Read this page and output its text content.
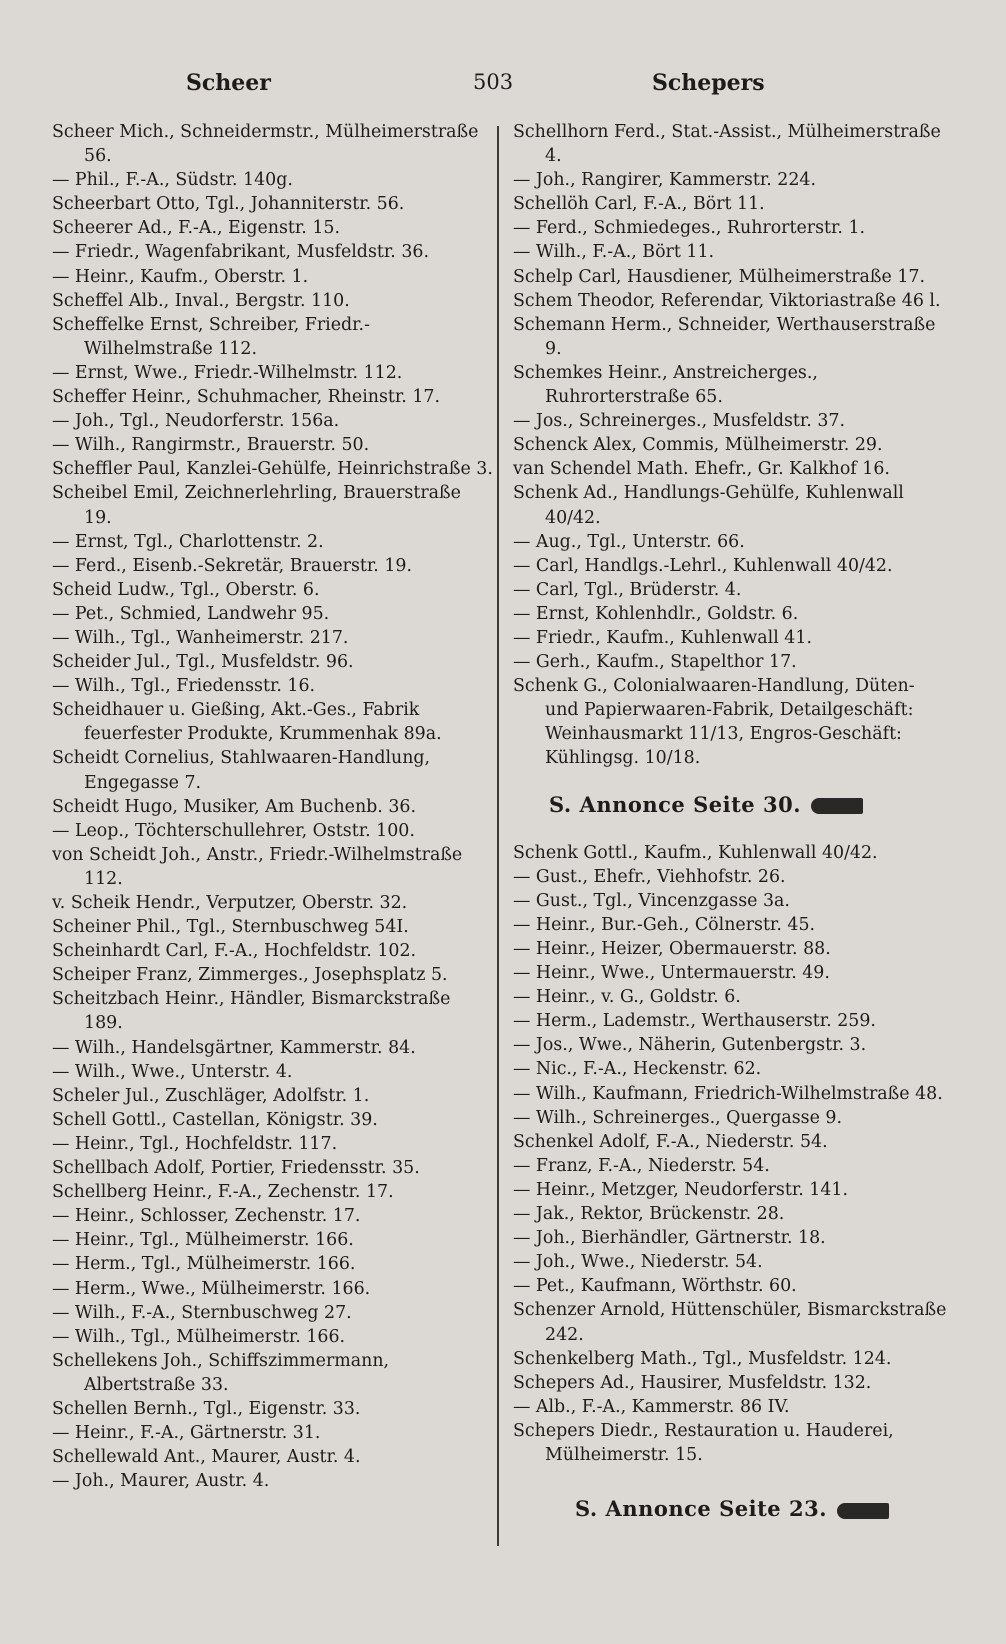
Scheer	503	Schepers

Scheer Mich., Schneidermstr., Mülheimerstraße 56.

— Phil., F.-A., Südstr. 140g.

Scheerbart Otto, Tgl., Johanniterstr. 56.

Scheerer Ad., F.-A., Eigenstr. 15.

— Friedr., Wagenfabrikant, Musfeldstr. 36.

— Heinr., Kaufm., Oberstr. 1.

Scheffel Alb., Inval., Bergstr. 110.

Scheffelke Ernst, Schreiber, Friedr.-Wilhelmstraße 112.

— Ernst, Wwe., Friedr.-Wilhelmstr. 112.

Scheffer Heinr., Schuhmacher, Rheinstr. 17.

— Joh., Tgl., Neudorferstr. 156a.

— Wilh., Rangirmstr., Brauerstr. 50.

Scheffler Paul, Kanzlei-Gehülfe, Heinrichstraße 3.

Scheibel Emil, Zeichnerlehrling, Brauerstraße 19.

— Ernst, Tgl., Charlottenstr. 2.

— Ferd., Eisenb.-Sekretär, Brauerstr. 19.

Scheid Ludw., Tgl., Oberstr. 6.

— Pet., Schmied, Landwehr 95.

— Wilh., Tgl., Wanheimerstr. 217.

Scheider Jul., Tgl., Musfeldstr. 96.

— Wilh., Tgl., Friedensstr. 16.

Scheidhauer u. Gießing, Akt.-Ges., Fabrik feuerfester Produkte, Krummenhak 89a.

Scheidt Cornelius, Stahlwaaren-Handlung, Engegasse 7.

Scheidt Hugo, Musiker, Am Buchenb. 36.

— Leop., Töchterschullehrer, Oststr. 100.

von Scheidt Joh., Anstr., Friedr.-Wilhelmstraße 112.

v. Scheik Hendr., Verputzer, Oberstr. 32.

Scheiner Phil., Tgl., Sternbuschweg 54I.

Scheinhardt Carl, F.-A., Hochfeldstr. 102.

Scheiper Franz, Zimmerges., Josephsplatz 5.

Scheitzbach Heinr., Händler, Bismarckstraße 189.

— Wilh., Handelsgärtner, Kammerstr. 84.

— Wilh., Wwe., Unterstr. 4.

Scheler Jul., Zuschläger, Adolfstr. 1.

Schell Gottl., Castellan, Königstr. 39.

— Heinr., Tgl., Hochfeldstr. 117.

Schellbach Adolf, Portier, Friedensstr. 35.

Schellberg Heinr., F.-A., Zechenstr. 17.

— Heinr., Schlosser, Zechenstr. 17.

— Heinr., Tgl., Mülheimerstr. 166.

— Herm., Tgl., Mülheimerstr. 166.

— Herm., Wwe., Mülheimerstr. 166.

— Wilh., F.-A., Sternbuschweg 27.

— Wilh., Tgl., Mülheimerstr. 166.

Schellekens Joh., Schiffszimmermann, Albertstraße 33.

Schellen Bernh., Tgl., Eigenstr. 33.

— Heinr., F.-A., Gärtnerstr. 31.

Schellewald Ant., Maurer, Austr. 4.

— Joh., Maurer, Austr. 4.

Schellhorn Ferd., Stat.-Assist., Mülheimerstraße 4.

— Joh., Rangirer, Kammerstr. 224.

Schellöh Carl, F.-A., Bört 11.

— Ferd., Schmiedeges., Ruhrorterstr. 1.

— Wilh., F.-A., Bört 11.

Schelp Carl, Hausdiener, Mülheimerstraße 17.

Schem Theodor, Referendar, Viktoriastraße 46 l.

Schemann Herm., Schneider, Werthauserstraße 9.

Schemkes Heinr., Anstreicherges., Ruhrorterstraße 65.

— Jos., Schreinerges., Musfeldstr. 37.

Schenck Alex, Commis, Mülheimerstr. 29.

van Schendel Math. Ehefr., Gr. Kalkhof 16.

Schenk Ad., Handlungs-Gehülfe, Kuhlenwall 40/42.

— Aug., Tgl., Unterstr. 66.

— Carl, Handlgs.-Lehrl., Kuhlenwall 40/42.

— Carl, Tgl., Brüderstr. 4.

— Ernst, Kohlenhdlr., Goldstr. 6.

— Friedr., Kaufm., Kuhlenwall 41.

— Gerh., Kaufm., Stapelthor 17.

Schenk G., Colonialwaaren-Handlung, Düten- und Papierwaaren-Fabrik, Detailgeschäft: Weinhausmarkt 11/13, Engros-Geschäft: Kühlingsg. 10/18.

S. Annonce Seite 30.

Schenk Gottl., Kaufm., Kuhlenwall 40/42.

— Gust., Ehefr., Viehhofstr. 26.

— Gust., Tgl., Vincenzgasse 3a.

— Heinr., Bur.-Geh., Cölnerstr. 45.

— Heinr., Heizer, Obermauerstr. 88.

— Heinr., Wwe., Untermauerstr. 49.

— Heinr., v. G., Goldstr. 6.

— Herm., Lademstr., Werthauserstr. 259.

— Jos., Wwe., Näherin, Gutenbergstr. 3.

— Nic., F.-A., Heckenstr. 62.

— Wilh., Kaufmann, Friedrich-Wilhelmstraße 48.

— Wilh., Schreinerges., Quergasse 9.

Schenkel Adolf, F.-A., Niederstr. 54.

— Franz, F.-A., Niederstr. 54.

— Heinr., Metzger, Neudorferstr. 141.

— Jak., Rektor, Brückenstr. 28.

— Joh., Bierhändler, Gärtnerstr. 18.

— Joh., Wwe., Niederstr. 54.

— Pet., Kaufmann, Wörthstr. 60.

Schenzer Arnold, Hüttenschüler, Bismarckstraße 242.

Schenkelberg Math., Tgl., Musfeldstr. 124.

Schepers Ad., Hausirer, Musfeldstr. 132.

— Alb., F.-A., Kammerstr. 86 IV.

Schepers Diedr., Restauration u. Hauderei, Mülheimerstr. 15.

S. Annonce Seite 23.
